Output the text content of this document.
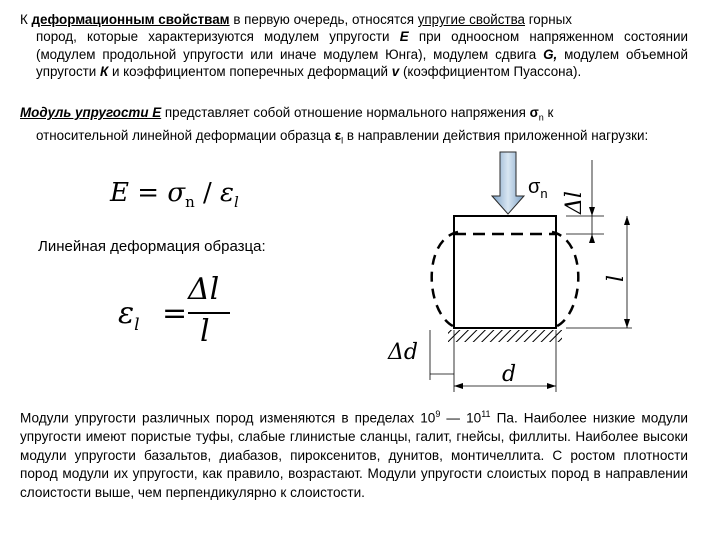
К деформационным свойствам в первую очередь, относятся упругие свойства горных
пород, которые характеризуются модулем упругости E при одноосном напряженном состоянии (модулем продольной упругости или иначе модулем Юнга), модулем сдвига G, модулем объемной упругости К и коэффициентом поперечных деформаций v (коэффициентом Пуассона).
Модуль упругости E представляет собой отношение нормального напряжения $\sigma_n$ к
относительной линейной деформации образца $\varepsilon_l$ в направлении действия приложенной нагрузки:
$E = \sigma_n / \varepsilon_l$
Линейная деформация образца:
$\varepsilon_l$ =
Δl
l
$\sigma_n$ Δl
l
Δd
d
Модули упругости различных пород изменяются в пределах $10^9$ — $10^{11}$ Па. Наиболее низкие модули упругости имеют пористые туфы, слабые глинистые сланцы, галит, гнейсы, филлиты. Наиболее высоки модули упругости базальтов, диабазов, пироксенитов, дунитов, монтичеллита. С ростом плотности пород модули их упругости, как правило, возрастают. Модули упругости слоистых пород в направлении слоистости выше, чем перпендикулярно к слоистости.
